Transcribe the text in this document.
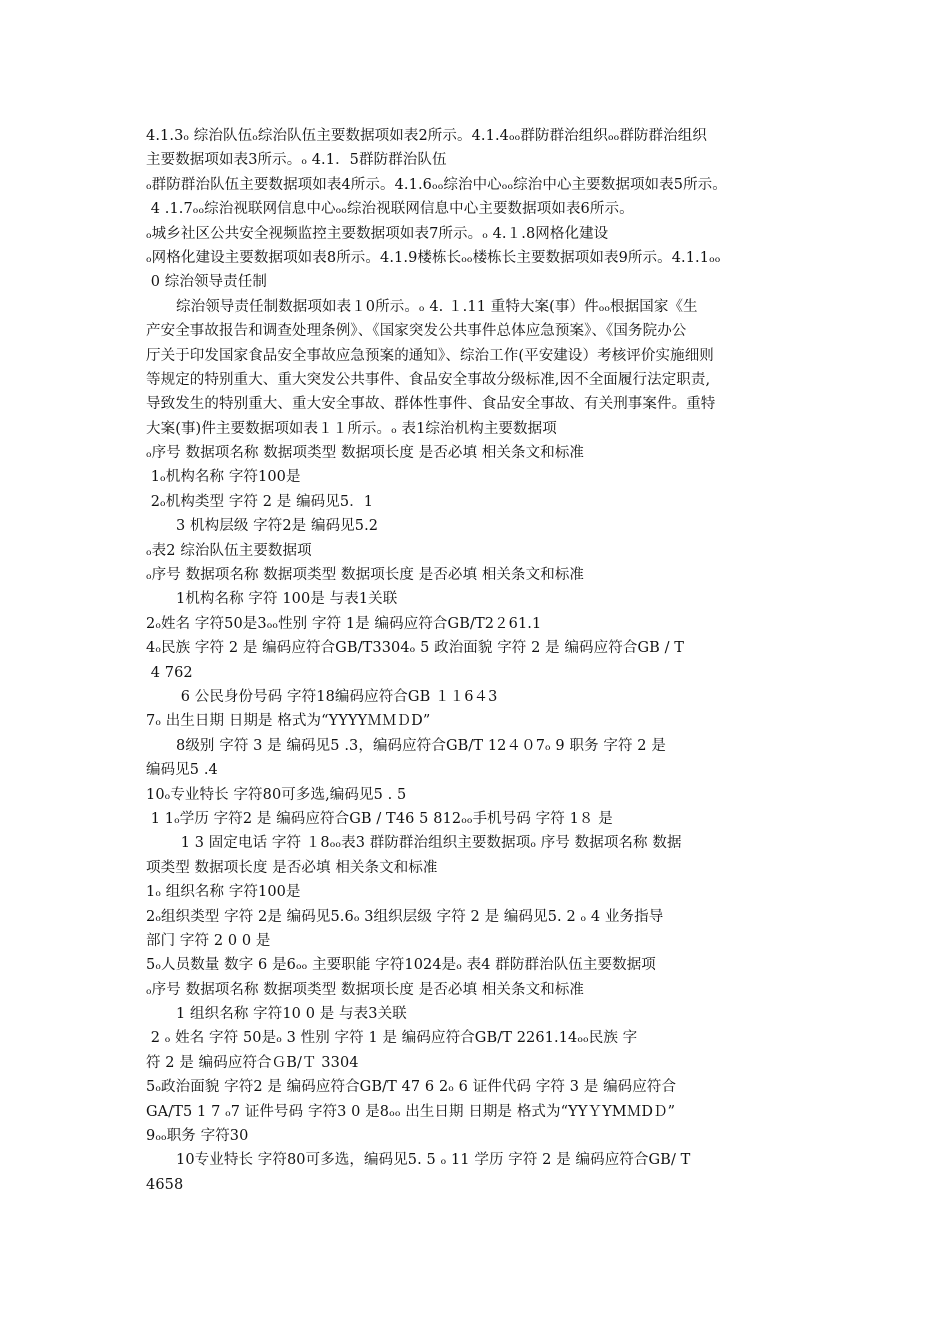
4.1.3ₒ 综治队伍ₒ综治队伍主要数据项如表2所示。4.1.4ₒₒ群防群治组织ₒₒ群防群治组织
主要数据项如表3所示。ₒ 4.1．5群防群治队伍
ₒ群防群治队伍主要数据项如表4所示。4.1.6ₒₒ综治中心ₒₒ综治中心主要数据项如表5所示。
4 .1.7ₒₒ综治视联网信息中心ₒₒ综治视联网信息中心主要数据项如表6所示。
ₒ城乡社区公共安全视频监控主要数据项如表7所示。ₒ 4.１.8网格化建设
ₒ网格化建设主要数据项如表8所示。4.1.9楼栋长ₒₒ楼栋长主要数据项如表9所示。4.1.1ₒₒ
0 综治领导责任制
综治领导责任制数据项如表１0所示。ₒ 4. １.11 重特大案(事）件ₒₒ根据国家《生
产安全事故报告和调查处理条例》、《国家突发公共事件总体应急预案》、《国务院办公
厅关于印发国家食品安全事故应急预案的通知》、综治工作(平安建设）考核评价实施细则
等规定的特别重大、重大突发公共事件、食品安全事故分级标准,因不全面履行法定职责,
导致发生的特别重大、重大安全事故、群体性事件、食品安全事故、有关刑事案件。重特
大案(事)件主要数据项如表１１所示。ₒ 表1综治机构主要数据项
ₒ序号 数据项名称 数据项类型 数据项长度 是否必填 相关条文和标准
1ₒ机构名称 字符100是
2ₒ机构类型 字符 2 是 编码见5．1
3 机构层级 字符2是 编码见5.2
ₒ表2 综治队伍主要数据项
ₒ序号 数据项名称 数据项类型 数据项长度 是否必填 相关条文和标准
1机构名称 字符 100是 与表1关联
2ₒ姓名 字符50是3ₒₒ性别 字符 1是 编码应符合GB/T2２61.1
4ₒ民族 字符 2 是 编码应符合GB/T3304ₒ 5 政治面貌 字符 2 是 编码应符合GB / T
4 762
6 公民身份号码 字符18编码应符合GB １１6４3
7ₒ 出生日期 日期是 格式为“YYYYＭＭＤD”
8级别 字符 3 是 编码见5 .3，编码应符合GB/T 12４０7ₒ 9 职务 字符 2 是
编码见5 .4
10ₒ专业特长 字符80可多选,编码见5 . 5
1 1ₒ学历 字符2 是 编码应符合GB / T46 5 812ₒₒ手机号码 字符 1８ 是
1 3 固定电话 字符 １8ₒₒ表3 群防群治组织主要数据项ₒ 序号 数据项名称 数据
项类型 数据项长度 是否必填 相关条文和标准
1ₒ 组织名称 字符100是
2ₒ组织类型 字符 2是 编码见5.6ₒ 3组织层级 字符 2 是 编码见5. 2 ₒ 4 业务指导
部门 字符 2 0 0 是
5ₒ人员数量 数字 6 是6ₒₒ 主要职能 字符1024是ₒ 表4 群防群治队伍主要数据项
ₒ序号 数据项名称 数据项类型 数据项长度 是否必填 相关条文和标准
1 组织名称 字符10 0 是 与表3关联
2 ₒ 姓名 字符 50是ₒ 3 性别 字符 1 是 编码应符合GB/T 2261.14ₒₒ民族 字
符 2 是 编码应符合ＧB/Ｔ 3304
5ₒ政治面貌 字符2 是 编码应符合GB/T 47 6 2ₒ 6 证件代码 字符 3 是 编码应符合
GA/T5 1 7 ₒ7 证件号码 字符3 0 是8ₒₒ 出生日期 日期是 格式为“YYＹYMＭDＤ”
9ₒₒ职务 字符30
10专业特长 字符80可多选，编码见5. 5 ₒ 11 学历 字符 2 是 编码应符合GB/ T
4658
